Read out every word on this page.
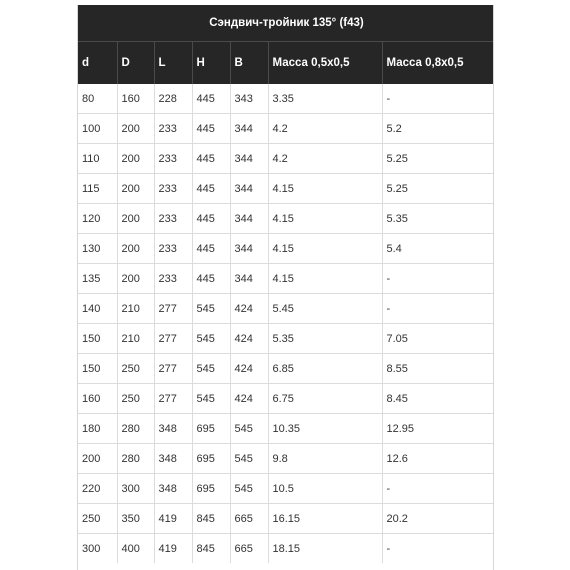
Сэндвич-тройник 135° (f43)						
d	D	L	H	B	Масса 0,5х0,5	Масса 0,8х0,5
80	160	228	445	343	3.35	-
100	200	233	445	344	4.2	5.2
110	200	233	445	344	4.2	5.25
115	200	233	445	344	4.15	5.25
120	200	233	445	344	4.15	5.35
130	200	233	445	344	4.15	5.4
135	200	233	445	344	4.15	-
140	210	277	545	424	5.45	-
150	210	277	545	424	5.35	7.05
150	250	277	545	424	6.85	8.55
160	250	277	545	424	6.75	8.45
180	280	348	695	545	10.35	12.95
200	280	348	695	545	9.8	12.6
220	300	348	695	545	10.5	-
250	350	419	845	665	16.15	20.2
300	400	419	845	665	18.15	-
